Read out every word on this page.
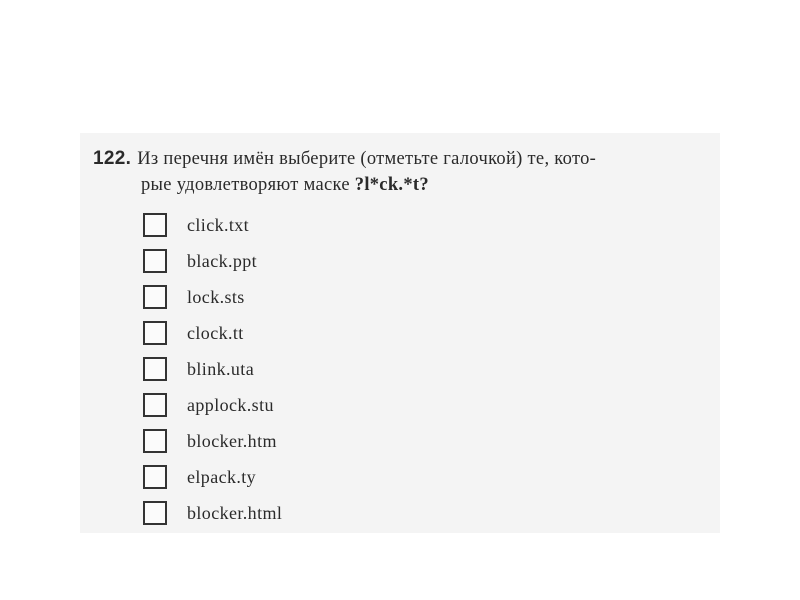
122. Из перечня имён выберите (отметьте галочкой) те, кото-
рые удовлетворяют маске ?l*ck.*t?
click.txt
black.ppt
lock.sts
clock.tt
blink.uta
applock.stu
blocker.htm
elpack.ty
blocker.html
